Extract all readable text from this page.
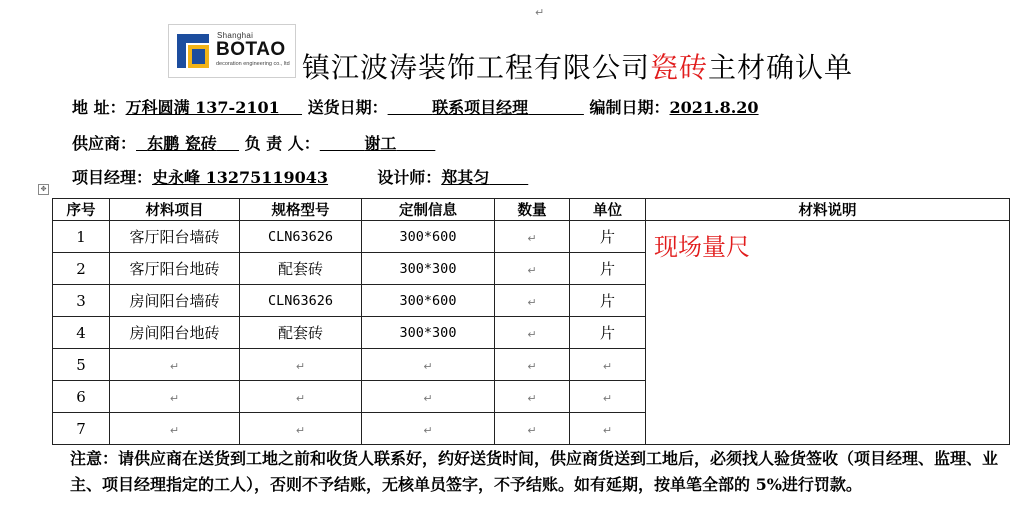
↵
Shanghai
BOTAO
decoration engineering co., ltd 镇江波涛装饰工程有限公司瓷砖主材确认单
地 址：万科圆满 137-2101 送货日期：	联系项目经理	编制日期：2021.8.20
供应商： 东鹏 瓷砖 负 责 人：	谢工
项目经理：史永峰 13275119043	设计师：郑其匀
✥
序号	材料项目	规格型号	定制信息	数量	单位	材料说明
1	客厅阳台墙砖	CLN63626	300*600	↵	片	现场量尺
2	客厅阳台地砖	配套砖	300*300	↵	片	
3	房间阳台墙砖	CLN63626	300*600	↵	片	
4	房间阳台地砖	配套砖	300*300	↵	片	
5	↵	↵	↵	↵	↵	
6	↵	↵	↵	↵	↵	
7	↵	↵	↵	↵	↵	
注意：请供应商在送货到工地之前和收货人联系好，约好送货时间，供应商货送到工地后，必须找人验货签收（项目经理、监理、业主、项目经理指定的工人），否则不予结账，无核单员签字，不予结账。如有延期，按单笔全部的 5%进行罚款。
